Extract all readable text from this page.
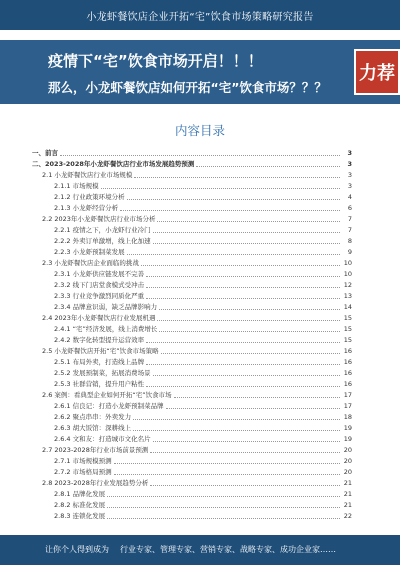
小龙虾餐饮店企业开拓“宅”饮食市场策略研究报告
疫情下“宅”饮食市场开启！！！
那么，小龙虾餐饮店如何开拓“宅”饮食市场？？？
力荐
内容目录
一、前言	3
二、2023-2028年小龙虾餐饮店行业市场发展趋势预测	3
2.1 小龙虾餐饮店行业市场规模	3
2.1.1 市场规模	3
2.1.2 行业政策环境分析	4
2.1.3 小龙虾经营分析	6
2.2 2023年小龙虾餐饮店行业市场分析	7
2.2.1 疫情之下，小龙虾行业冷门	7
2.2.2 外卖订单激增，线上化加速	8
2.2.3 小龙虾预制菜发展	9
2.3 小龙虾餐饮店企业面临的挑战	10
2.3.1 小龙虾供应链发展不完善	10
2.3.2 线下门店堂食模式受冲击	12
2.3.3 行业竞争激烈同质化严重	13
2.3.4 品牌意识弱，缺乏品牌影响力	14
2.4 2023年小龙虾餐饮店行业发展机遇	15
2.4.1 “宅”经济发展，线上消费增长	15
2.4.2 数字化转型提升运营效率	15
2.5 小龙虾餐饮店开拓“宅”饮食市场策略	16
2.5.1 布局外卖，打造线上品牌	16
2.5.2 发展预制菜，拓展消费场景	16
2.5.3 社群营销，提升用户粘性	16
2.6 案例：看典型企业如何开拓“宅”饮食市场	17
2.6.1 信良记：打造小龙虾预制菜品牌	17
2.6.2 聚点串串：外卖发力	18
2.6.3 胡大饭馆：深耕线上	19
2.6.4 文和友：打造城市文化名片	19
2.7 2023-2028年行业市场前景预测	20
2.7.1 市场规模预测	20
2.7.2 市场格局预测	20
2.8 2023-2028年行业发展趋势分析	21
2.8.1 品牌化发展	21
2.8.2 标准化发展	21
2.8.3 连锁化发展	22
让你个人得到成为 行业专家、管理专家、营销专家、战略专家、成功企业家……
